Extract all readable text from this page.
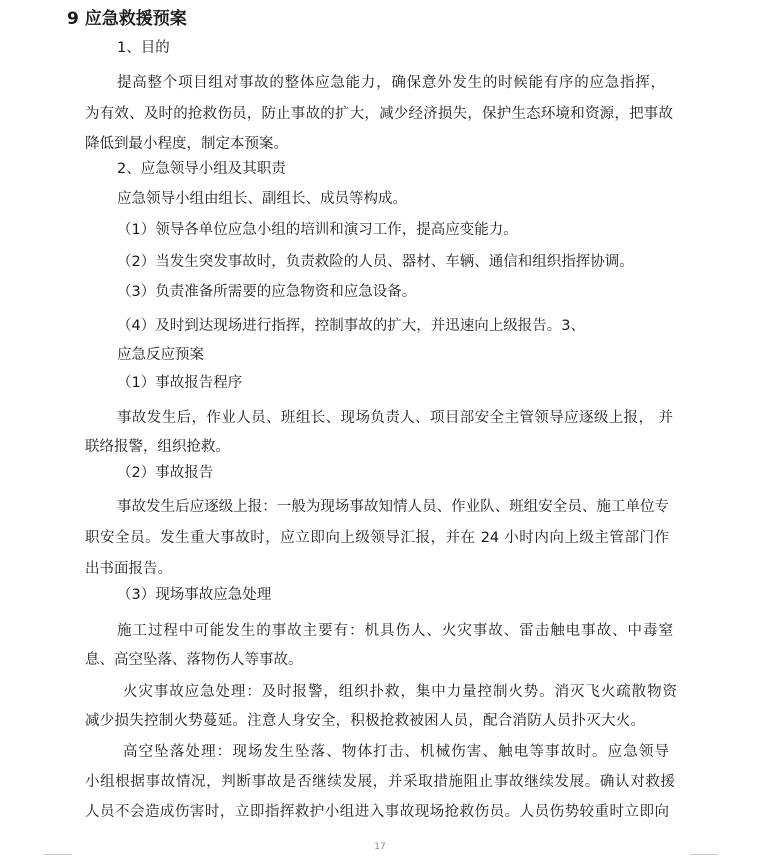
9 应急救援预案
1、目的
提高整个项目组对事故的整体应急能力，确保意外发生的时候能有序的应急指挥，
为有效、及时的抢救伤员，防止事故的扩大，减少经济损失，保护生态环境和资源，把事故
降低到最小程度，制定本预案。
2、应急领导小组及其职责
应急领导小组由组长、副组长、成员等构成。
（1）领导各单位应急小组的培训和演习工作，提高应变能力。
（2）当发生突发事故时，负责救险的人员、器材、车辆、通信和组织指挥协调。
（3）负责准备所需要的应急物资和应急设备。
（4）及时到达现场进行指挥，控制事故的扩大，并迅速向上级报告。3、
应急反应预案
（1）事故报告程序
事故发生后，作业人员、班组长、现场负责人、项目部安全主管领导应逐级上报， 并
联络报警，组织抢救。
（2）事故报告
事故发生后应逐级上报：一般为现场事故知情人员、作业队、班组安全员、施工单位专
职安全员。发生重大事故时，应立即向上级领导汇报，并在 24 小时内向上级主管部门作
出书面报告。
（3）现场事故应急处理
施工过程中可能发生的事故主要有：机具伤人、火灾事故、雷击触电事故、中毒窒
息、高空坠落、落物伤人等事故。
火灾事故应急处理：及时报警，组织扑救，集中力量控制火势。消灭飞火疏散物资
减少损失控制火势蔓延。注意人身安全，积极抢救被困人员，配合消防人员扑灭大火。
高空坠落处理：现场发生坠落、物体打击、机械伤害、触电等事故时。应急领导
小组根据事故情况，判断事故是否继续发展，并采取措施阻止事故继续发展。确认对救援
人员不会造成伤害时，立即指挥救护小组进入事故现场抢救伤员。人员伤势较重时立即向
17
